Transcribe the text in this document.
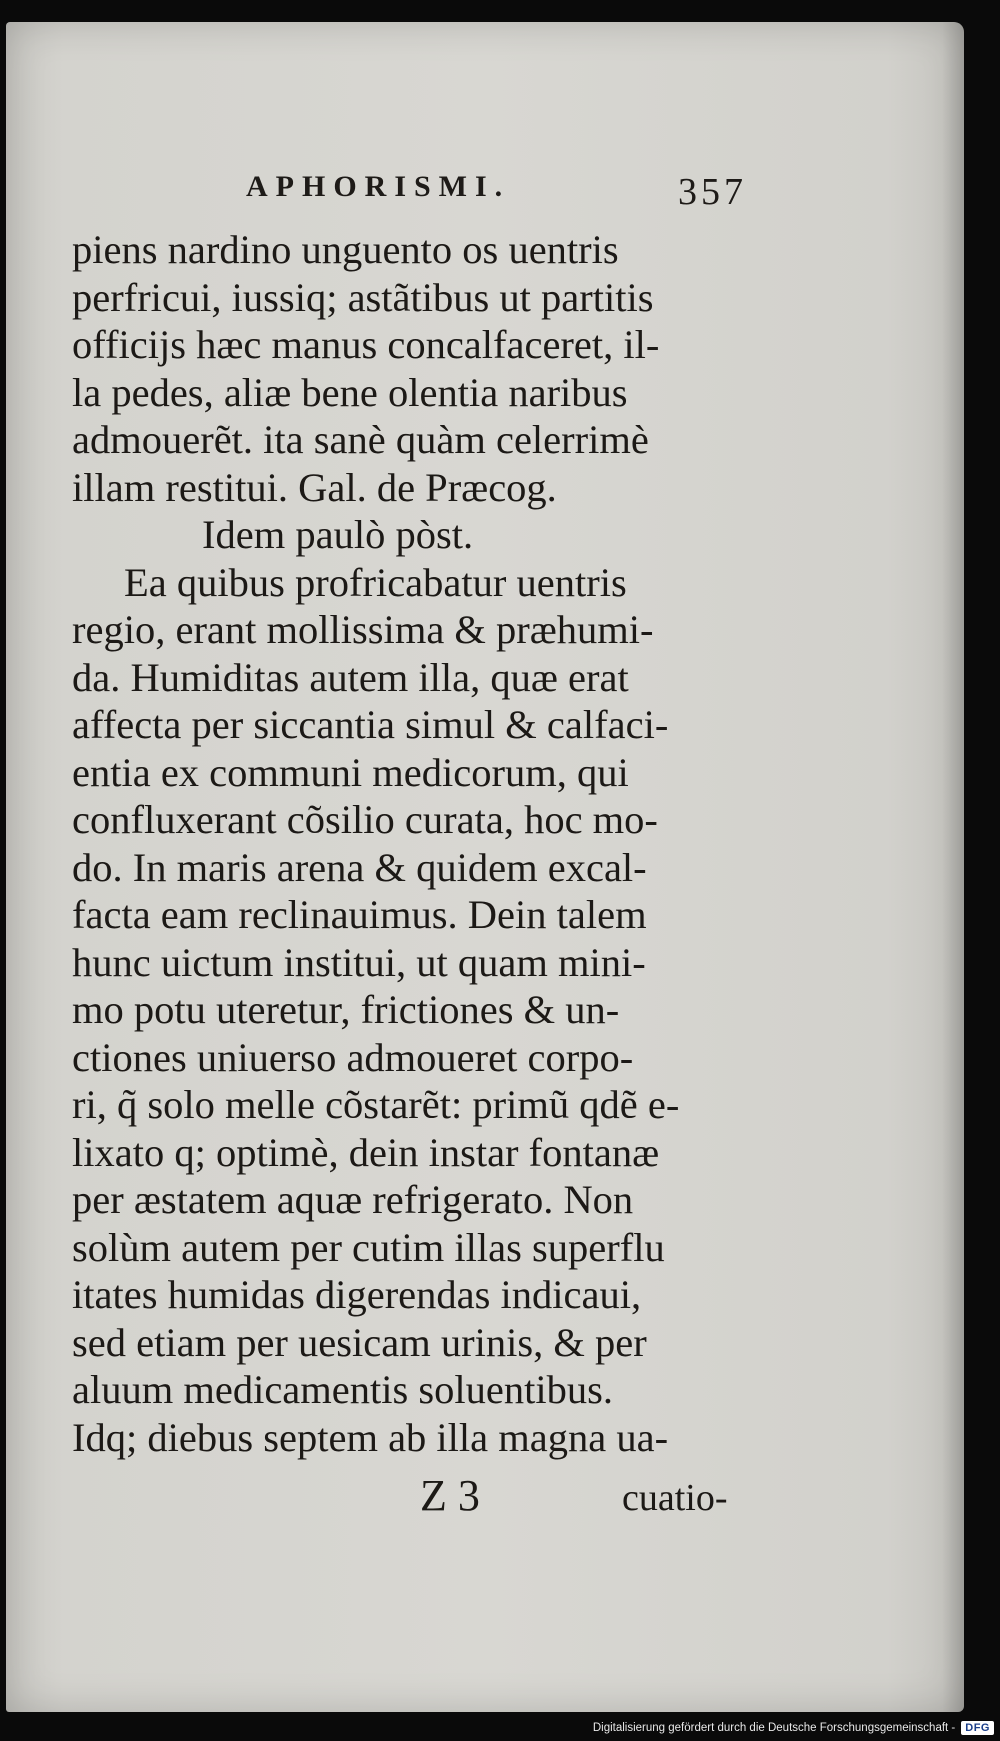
APHORISMI.	357
piens nardino unguento os uentris
perfricui, iussiq; astãtibus ut partitis
officijs hæc manus concalfaceret, il-
la pedes, aliæ bene olentia naribus
admouerẽt. ita sanè quàm celerrimè
illam restitui. Gal. de Præcog.
Idem paulò pòst.
Ea quibus profricabatur uentris
regio, erant mollissima & præhumi-
da. Humiditas autem illa, quæ erat
affecta per siccantia simul & calfaci-
entia ex communi medicorum, qui
confluxerant cõsilio curata, hoc mo-
do. In maris arena & quidem excal-
facta eam reclinauimus. Dein talem
hunc uictum institui, ut quam mini-
mo potu uteretur, frictiones & un-
ctiones uniuerso admoueret corpo-
ri, q̃ solo melle cõstarẽt: primũ qdẽ e-
lixato q; optimè, dein instar fontanæ
per æstatem aquæ refrigerato. Non
solùm autem per cutim illas superflu
itates humidas digerendas indicaui,
sed etiam per uesicam urinis, & per
aluum medicamentis soluentibus.
Idq; diebus septem ab illa magna ua-
Z 3	cuatio-
Digitalisierung gefördert durch die Deutsche Forschungsgemeinschaft - DFG
